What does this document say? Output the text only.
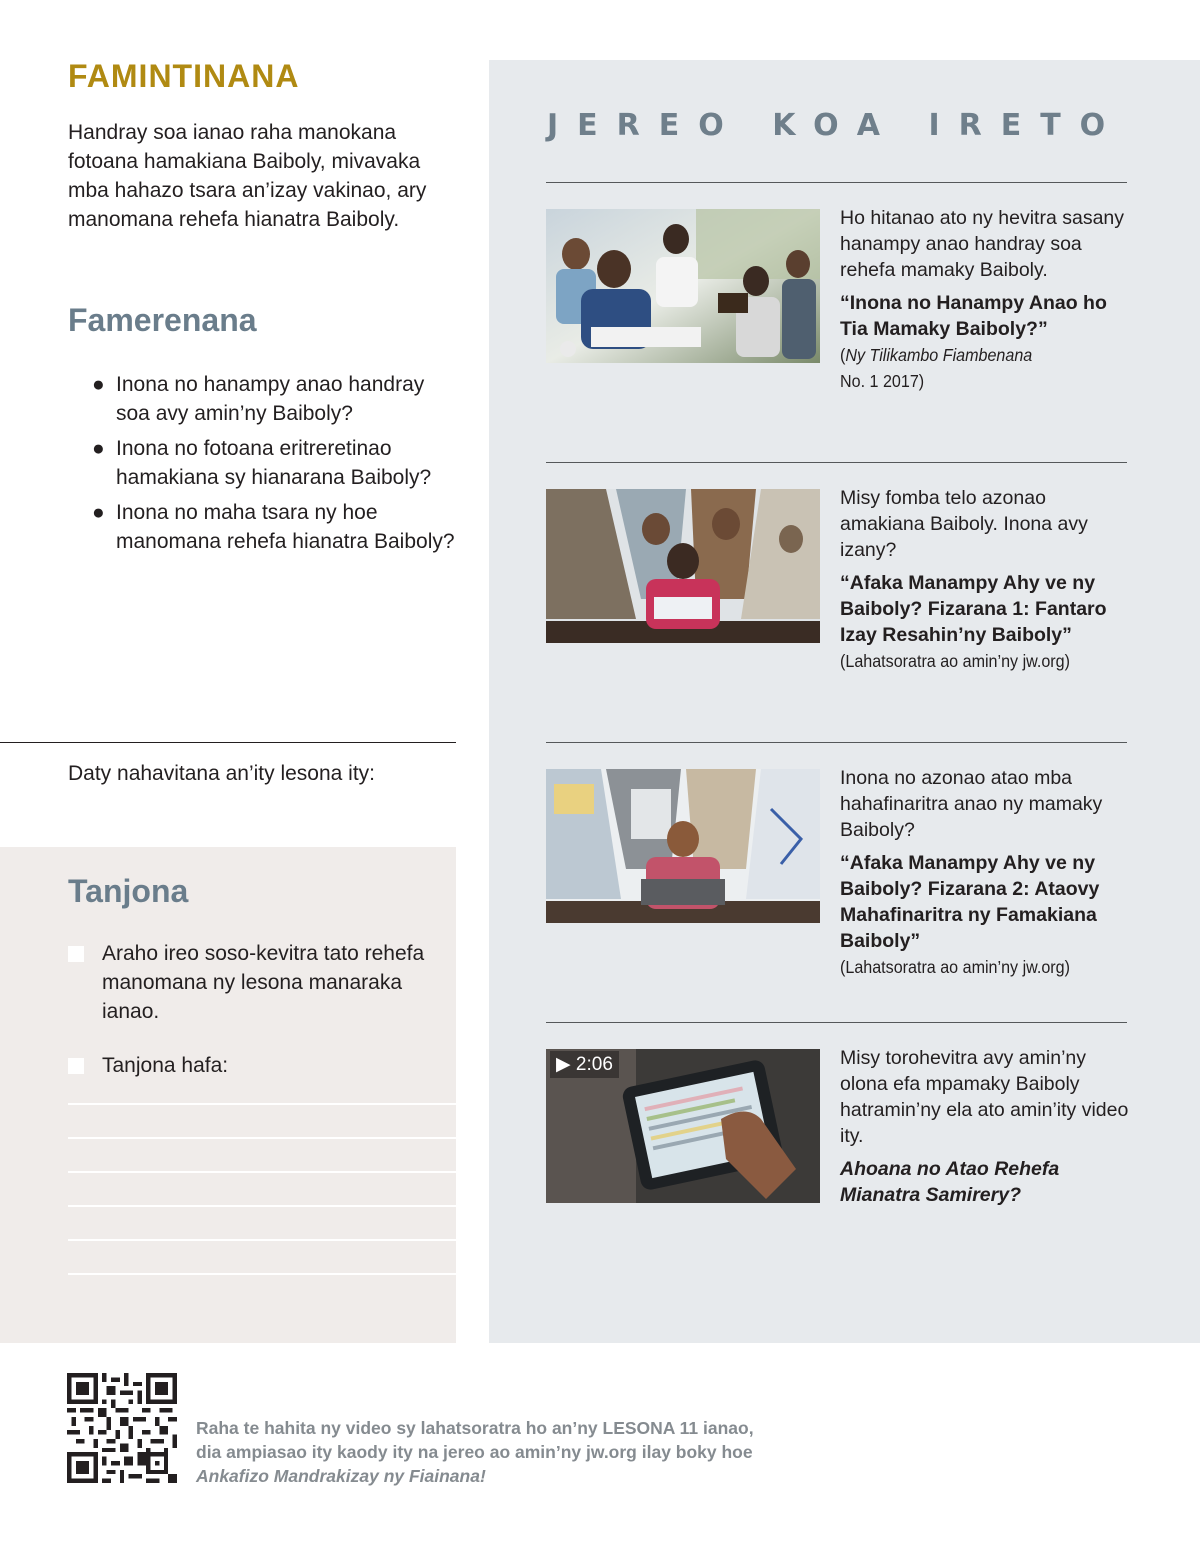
FAMINTINANA

Handray soa ianao raha manokana fotoana hamakiana Baiboly, mivavaka mba hahazo tsara an’izay vakinao, ary manomana rehefa hianatra Baiboly.

Famerenana
● Inona no hanampy anao handray soa avy amin’ny Baiboly?
● Inona no fotoana eritreretinao hamakiana sy hianarana Baiboly?
● Inona no maha tsara ny hoe manomana rehefa hianatra Baiboly?
Daty nahavitana an’ity lesona ity:
Tanjona
Araho ireo soso-kevitra tato rehefa manomana ny lesona manaraka ianao.
Tanjona hafa:
JEREO KOA IRETO
Ho hitanao ato ny hevitra sasany hanampy anao handray soa rehefa mamaky Baiboly.
“Inona no Hanampy Anao ho Tia Mamaky Baiboly?”
(Ny Tilikambo Fiambenana
No. 1 2017)
Misy fomba telo azonao amakiana Baiboly. Inona avy izany?
“Afaka Manampy Ahy ve ny Baiboly? Fizarana 1: Fantaro Izay Resahin’ny Baiboly”
(Lahatsoratra ao amin’ny jw.org)
Inona no azonao atao mba hahafinaritra anao ny mamaky Baiboly?
“Afaka Manampy Ahy ve ny Baiboly? Fizarana 2: Ataovy Mahafinaritra ny Famakiana Baiboly”
(Lahatsoratra ao amin’ny jw.org)
▶ 2:06	Misy torohevitra avy amin’ny olona efa mpamaky Baiboly hatramin’ny ela ato amin’ity video ity.
Ahoana no Atao Rehefa Mianatra Samirery?
Raha te hahita ny video sy lahatsoratra ho an’ny LESONA 11 ianao, dia ampiasao ity kaody ity na jereo ao amin’ny jw.org ilay boky hoe Ankafizo Mandrakizay ny Fiainana!
